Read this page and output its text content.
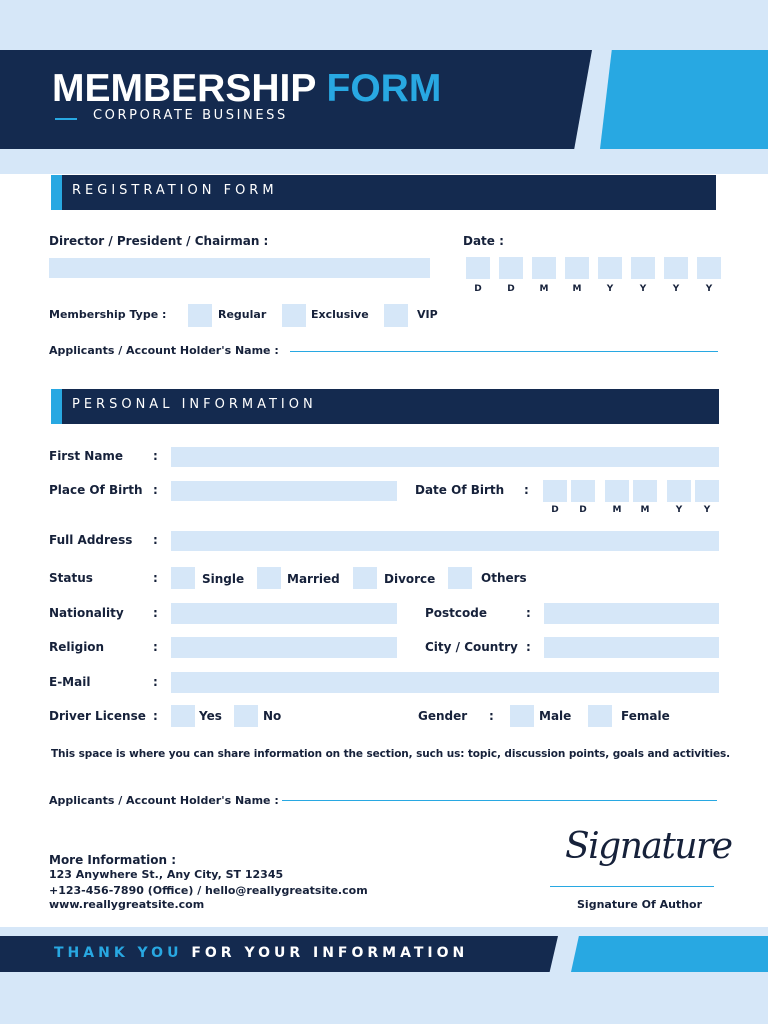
MEMBERSHIP FORM
CORPORATE BUSINESS
REGISTRATION FORM
Director / President / Chairman :	Date :
D	D	M	M	Y	Y	Y	Y
Membership Type :	Regular	Exclusive	VIP
Applicants / Account Holder's Name :
PERSONAL INFORMATION
First Name :
Place Of Birth :	Date Of Birth :
D	D	M	M	Y	Y
Full Address :
Status	:	Single	Married	Divorce	Others
Nationality :	Postcode	:
Religion	:	City / Country :
E-Mail	:
Driver License :	Yes	No	Gender :	Male	Female
This space is where you can share information on the section, such us: topic, discussion points, goals and activities.
Applicants / Account Holder's Name :
More Information :
123 Anywhere St., Any City, ST 12345
+123-456-7890 (Office) / hello@reallygreatsite.com
www.reallygreatsite.com
Signature
Signature Of Author
THANK YOU FOR YOUR INFORMATION
